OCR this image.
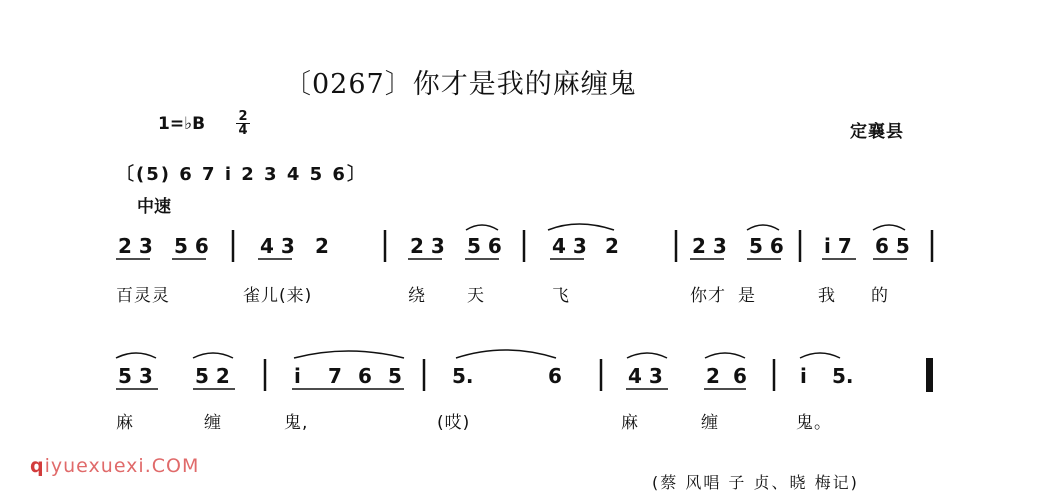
〔0267〕你才是我的麻缠鬼
1=♭B	2
4	定襄县
〔(5) 6 7 i 2 3 4 5 6〕
中速
2 3 5 6	4 3 2	2 3 5 6	4 3 2	2 3 5 6 i 7 6 5
百灵灵	雀儿(来)	绕 天	飞	你才 是	我 的
5 3 5 2	i 7 6 5	5.	6	4 3 2 6	i 5.
麻	缠	鬼,	(哎)	麻	缠	鬼。
qiyuexuexi.COM
(蔡 风唱 子 贞、晓 梅记)
